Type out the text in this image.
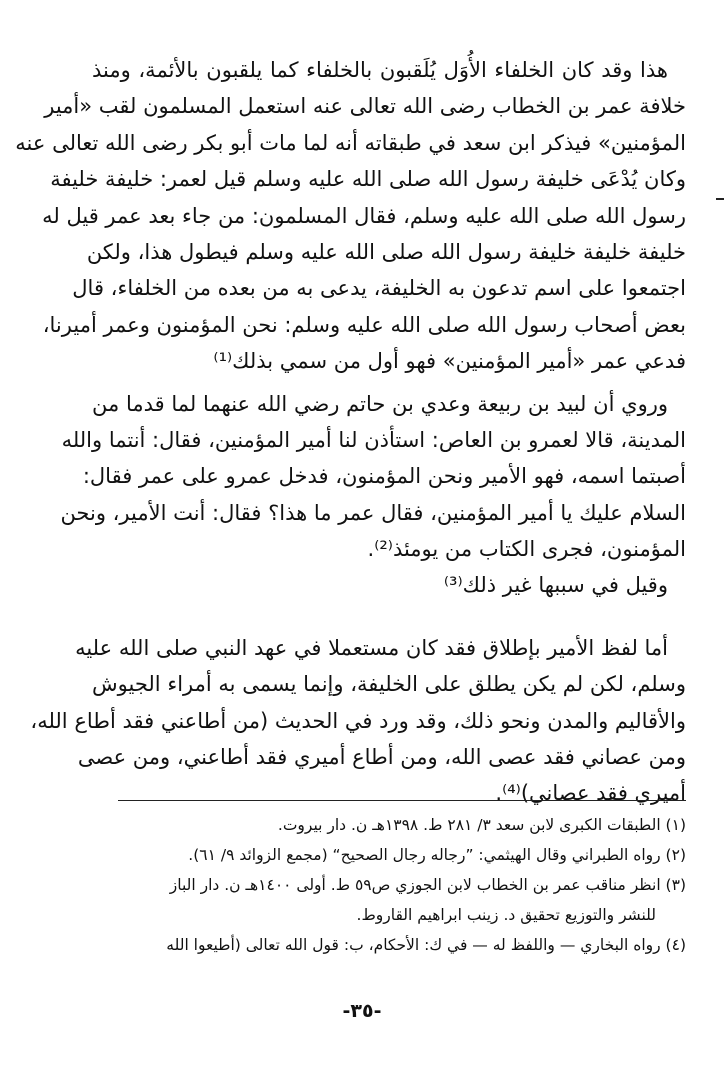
هذا وقد كان الخلفاء الأُوَل يُلَقبون بالخلفاء كما يلقبون بالأئمة، ومنذ
خلافة عمر بن الخطاب رضى الله تعالى عنه استعمل المسلمون لقب «أمير
المؤمنين» فيذكر ابن سعد في طبقاته أنه لما مات أبو بكر رضى الله تعالى عنه
وكان يُدْعَى خليفة رسول الله صلى الله عليه وسلم قيل لعمر: خليفة خليفة
رسول الله صلى الله عليه وسلم، فقال المسلمون: من جاء بعد عمر قيل له
خليفة خليفة خليفة رسول الله صلى الله عليه وسلم فيطول هذا، ولكن
اجتمعوا على اسم تدعون به الخليفة، يدعى به من بعده من الخلفاء، قال
بعض أصحاب رسول الله صلى الله عليه وسلم: نحن المؤمنون وعمر أميرنا،
فدعي عمر «أمير المؤمنين» فهو أول من سمي بذلك⁽¹⁾
وروي أن لبيد بن ربيعة وعدي بن حاتم رضي الله عنهما لما قدما من
المدينة، قالا لعمرو بن العاص: استأذن لنا أمير المؤمنين، فقال: أنتما والله
أصبتما اسمه، فهو الأمير ونحن المؤمنون، فدخل عمرو على عمر فقال:
السلام عليك يا أمير المؤمنين، فقال عمر ما هذا؟ فقال: أنت الأمير، ونحن
المؤمنون، فجرى الكتاب من يومئذ⁽²⁾.
وقيل في سببها غير ذلك⁽³⁾
أما لفظ الأمير بإطلاق فقد كان مستعملا في عهد النبي صلى الله عليه
وسلم، لكن لم يكن يطلق على الخليفة، وإنما يسمى به أمراء الجيوش
والأقاليم والمدن ونحو ذلك، وقد ورد في الحديث (من أطاعني فقد أطاع الله،
ومن عصاني فقد عصى الله، ومن أطاع أميري فقد أطاعني، ومن عصى
أميري فقد عصاني)⁽⁴⁾.
(١) الطبقات الكبرى لابن سعد ٣/ ٢٨١ ط. ١٣٩٨هـ ن. دار بيروت.
(٢) رواه الطبراني وقال الهيثمي: ”رجاله رجال الصحيح“ (مجمع الزوائد ٩/ ٦١).
(٣) انظر مناقب عمر بن الخطاب لابن الجوزي ص٥٩ ط. أولى ١٤٠٠هـ ن. دار الباز
للنشر والتوزيع تحقيق د. زينب ابراهيم القاروط.
(٤) رواه البخاري — واللفظ له — في ك: الأحكام، ب: قول الله تعالى (أطيعوا الله
-٣٥-
